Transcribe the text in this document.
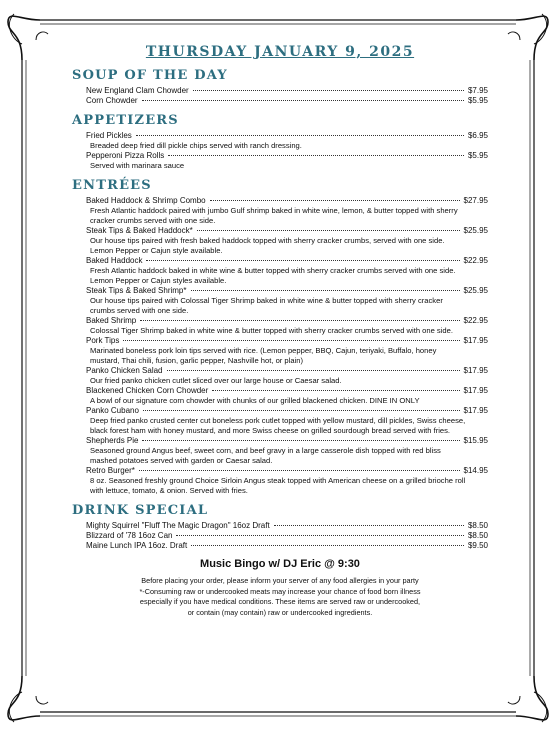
THURSDAY JANUARY 9, 2025
SOUP OF THE DAY
New England Clam Chowder	$7.95
Corn Chowder	$5.95
APPETIZERS
Fried Pickles	$6.95
Breaded deep fried dill pickle chips served with ranch dressing.
Pepperoni Pizza Rolls	$5.95
Served with marinara sauce
ENTRÉES
Baked Haddock & Shrimp Combo	$27.95
Fresh Atlantic haddock paired with jumbo Gulf shrimp baked in white wine, lemon, & butter topped with sherry cracker crumbs served with one side.
Steak Tips & Baked Haddock*	$25.95
Our house tips paired with fresh baked haddock topped with sherry cracker crumbs, served with one side. Lemon Pepper or Cajun style available.
Baked Haddock	$22.95
Fresh Atlantic haddock baked in white wine & butter topped with sherry cracker crumbs served with one side. Lemon Pepper or Cajun styles available.
Steak Tips & Baked Shrimp*	$25.95
Our house tips paired with Colossal Tiger Shrimp baked in white wine & butter topped with sherry cracker crumbs served with one side.
Baked Shrimp	$22.95
Colossal Tiger Shrimp baked in white wine & butter topped with sherry cracker crumbs served with one side.
Pork Tips	$17.95
Marinated boneless pork loin tips served with rice. (Lemon pepper, BBQ, Cajun, teriyaki, Buffalo, honey mustard, Thai chili, fusion, garlic pepper, Nashville hot, or plain)
Panko Chicken Salad	$17.95
Our fried panko chicken cutlet sliced over our large house or Caesar salad.
Blackened Chicken Corn Chowder	$17.95
A bowl of our signature corn chowder with chunks of our grilled blackened chicken. DINE IN ONLY
Panko Cubano	$17.95
Deep fried panko crusted center cut boneless pork cutlet topped with yellow mustard, dill pickles, Swiss cheese, black forest ham with honey mustard, and more Swiss cheese on grilled sourdough bread served with fries.
Shepherds Pie	$15.95
Seasoned ground Angus beef, sweet corn, and beef gravy in a large casserole dish topped with red bliss mashed potatoes served with garden or Caesar salad.
Retro Burger*	$14.95
8 oz. Seasoned freshly ground Choice Sirloin Angus steak topped with American cheese on a grilled brioche roll with lettuce, tomato, & onion. Served with fries.
DRINK SPECIAL
Mighty Squirrel "Fluff The Magic Dragon" 16oz Draft	$8.50
Blizzard of '78 16oz Can	$8.50
Maine Lunch IPA 16oz. Draft	$9.50
Music Bingo w/ DJ Eric @ 9:30
Before placing your order, please inform your server of any food allergies in your party
*-Consuming raw or undercooked meats may increase your chance of food born illness
especially if you have medical conditions. These items are served raw or undercooked,
or contain (may contain) raw or undercooked ingredients.
